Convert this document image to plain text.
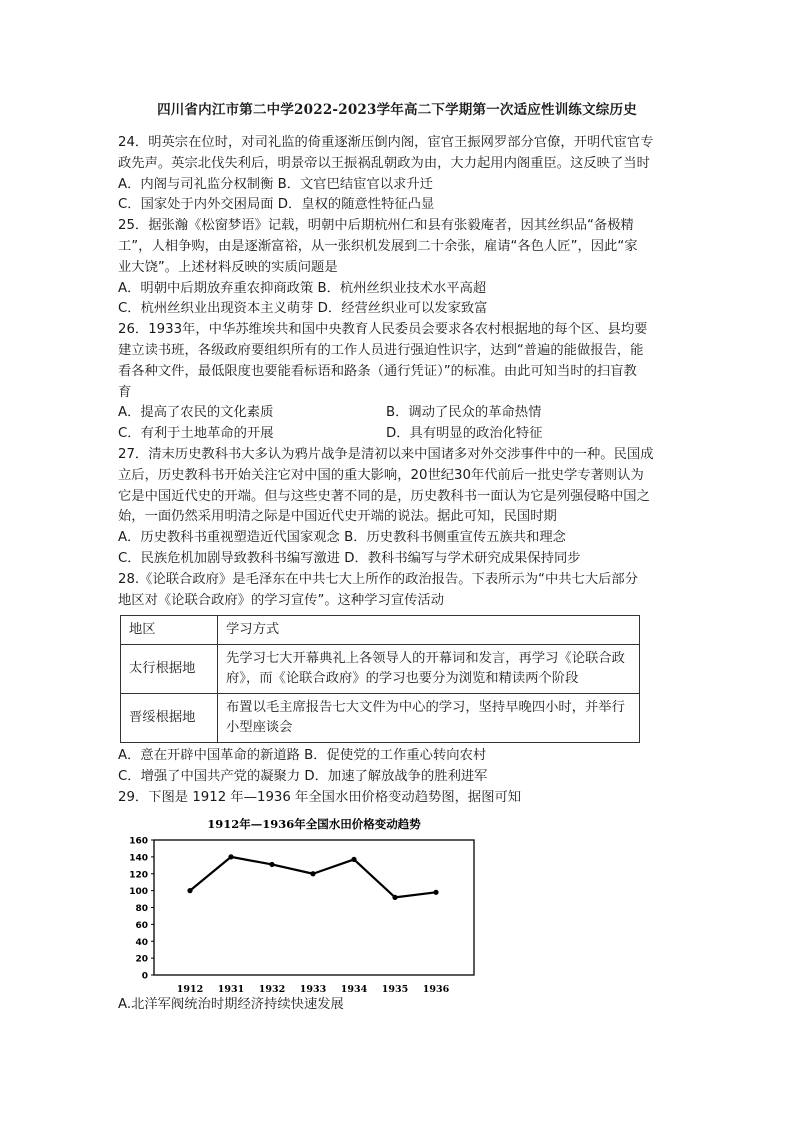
四川省内江市第二中学2022-2023学年高二下学期第一次适应性训练文综历史

24．明英宗在位时，对司礼监的倚重逐渐压倒内阁，宦官王振网罗部分官僚，开明代宦官专

政先声。英宗北伐失利后，明景帝以王振祸乱朝政为由，大力起用内阁重臣。这反映了当时

A．内阁与司礼监分权制衡 B．文官巴结宦官以求升迁

C．国家处于内外交困局面 D．皇权的随意性特征凸显

25．据张瀚《松窗梦语》记载，明朝中后期杭州仁和县有张毅庵者，因其丝织品“备极精

工”，人相争购，由是逐渐富裕，从一张织机发展到二十余张，雇请“各色人匠”，因此“家

业大饶”。上述材料反映的实质问题是

A．明朝中后期放弃重农抑商政策 B．杭州丝织业技术水平高超

C．杭州丝织业出现资本主义萌芽 D．经营丝织业可以发家致富

26．1933年，中华苏维埃共和国中央教育人民委员会要求各农村根据地的每个区、县均要

建立读书班，各级政府要组织所有的工作人员进行强迫性识字，达到“普遍的能做报告，能

看各种文件，最低限度也要能看标语和路条（通行凭证）”的标准。由此可知当时的扫盲教

育

A．提高了农民的文化素质	B．调动了民众的革命热情
C．有利于土地革命的开展	D．具有明显的政治化特征

27．清末历史教科书大多认为鸦片战争是清初以来中国诸多对外交涉事件中的一种。民国成

立后，历史教科书开始关注它对中国的重大影响，20世纪30年代前后一批史学专著则认为

它是中国近代史的开端。但与这些史著不同的是，历史教科书一面认为它是列强侵略中国之

始，一面仍然采用明清之际是中国近代史开端的说法。据此可知，民国时期

A．历史教科书重视塑造近代国家观念 B．历史教科书侧重宣传五族共和理念

C．民族危机加剧导致教科书编写激进 D．教科书编写与学术研究成果保持同步

28.《论联合政府》是毛泽东在中共七大上所作的政治报告。下表所示为“中共七大后部分

地区对《论联合政府》的学习宣传”。这种学习宣传活动

地区	学习方式
太行根据地	先学习七大开幕典礼上各领导人的开幕词和发言，再学习《论联合政府》，而《论联合政府》的学习也要分为浏览和精读两个阶段
晋绥根据地	布置以毛主席报告七大文件为中心的学习，坚持早晚四小时，并举行小型座谈会

A．意在开辟中国革命的新道路 B．促使党的工作重心转向农村

C．增强了中国共产党的凝聚力 D．加速了解放战争的胜利进军

29．下图是 1912 年—1936 年全国水田价格变动趋势图，据图可知

1912年—1936年全国水田价格变动趋势
0
20
40
60
80
100
120
140
160
1912 1931 1932 1933 1934 1935 1936

A.北洋军阀统治时期经济持续快速发展
